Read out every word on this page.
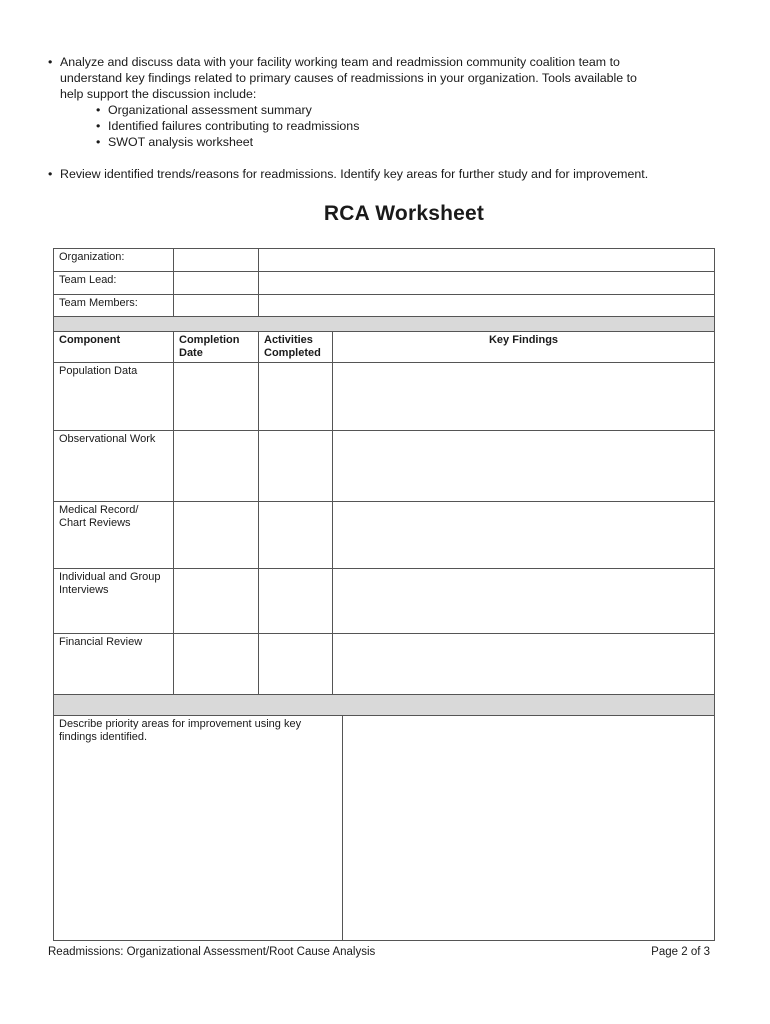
• Analyze and discuss data with your facility working team and readmission community coalition team to
understand key findings related to primary causes of readmissions in your organization. Tools available to
help support the discussion include:
• Organizational assessment summary
• Identified failures contributing to readmissions
• SWOT analysis worksheet
• Review identified trends/reasons for readmissions. Identify key areas for further study and for improvement.
RCA Worksheet
Organization:				
Team Lead:				
Team Members:				

Component	Completion Date	Activities Completed	Key Findings	
Population Data				
Observational Work				
Medical Record/ Chart Reviews				
Individual and Group Interviews				
Financial Review				

Describe priority areas for improvement using key findings identified.				
Readmissions: Organizational Assessment/Root Cause Analysis	Page 2 of 3
